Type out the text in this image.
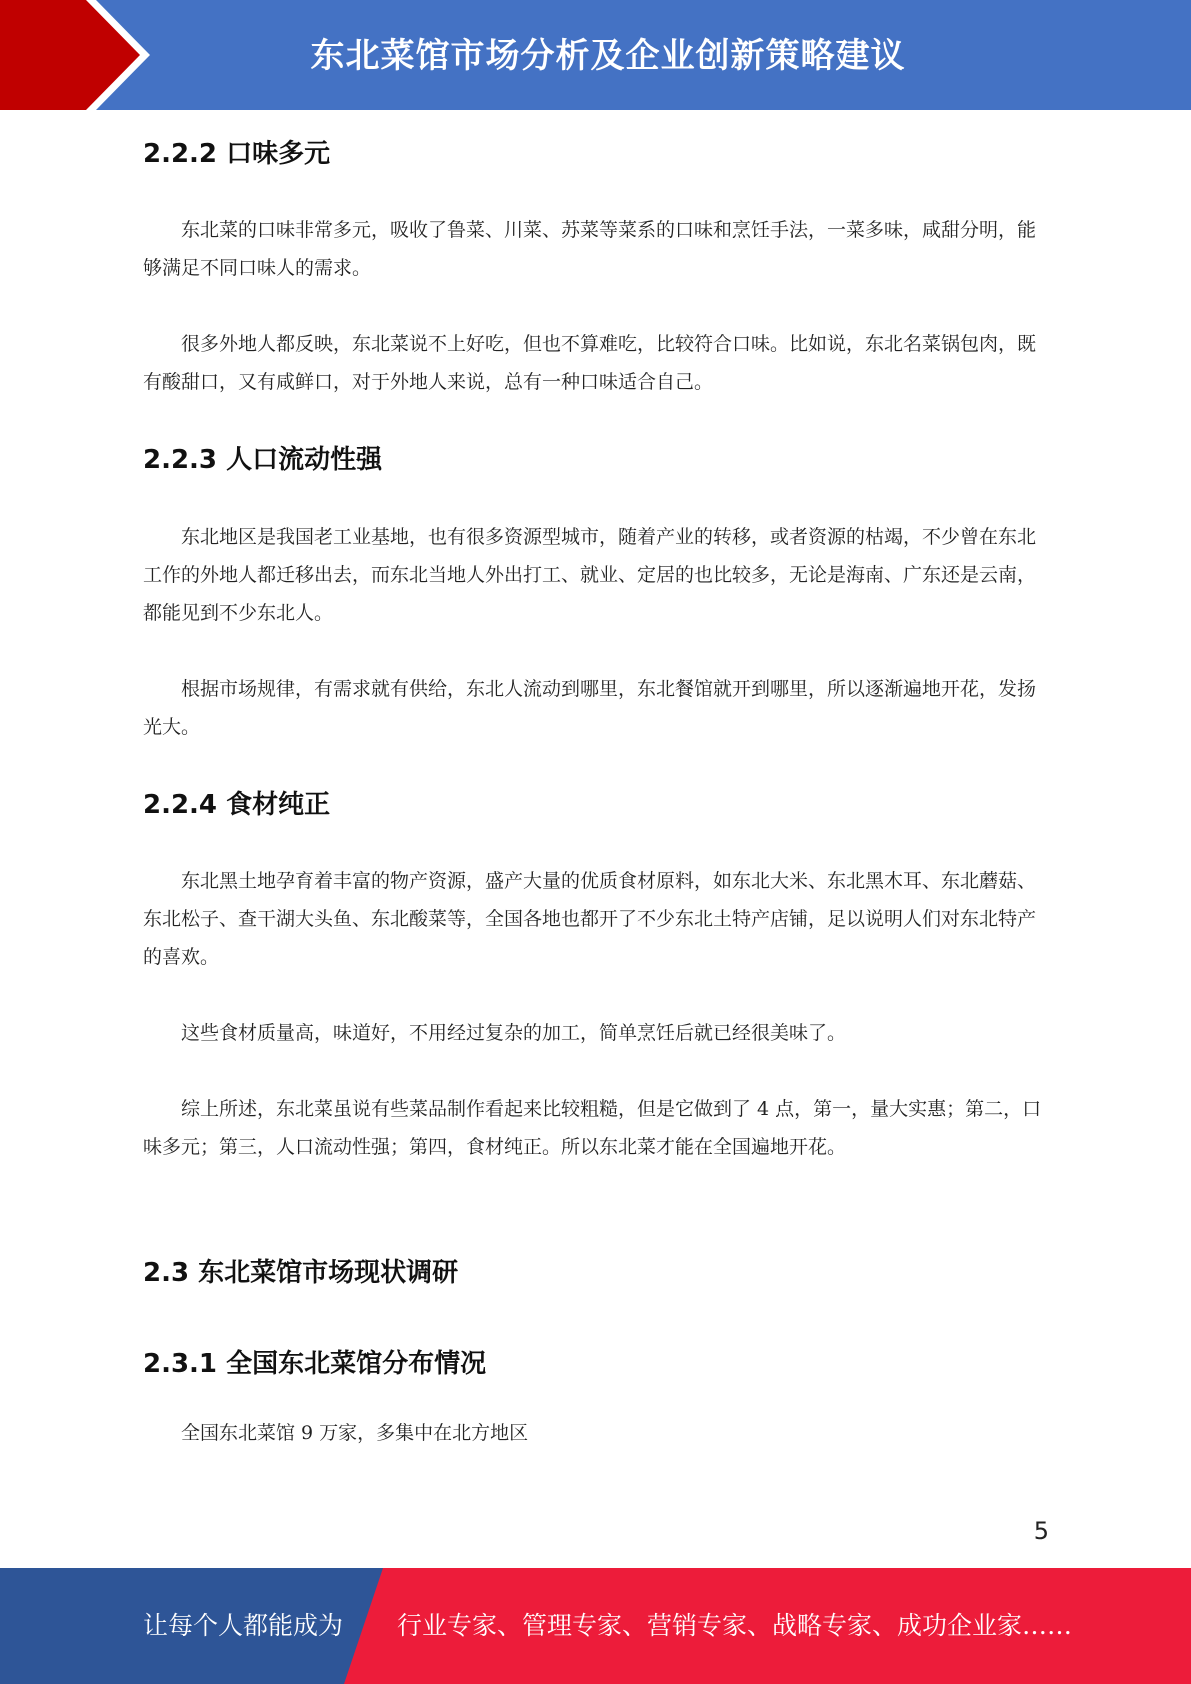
东北菜馆市场分析及企业创新策略建议
2.2.2 口味多元

东北菜的口味非常多元，吸收了鲁菜、川菜、苏菜等菜系的口味和烹饪手法，一菜多味，咸甜分明，能够满足不同口味人的需求。

很多外地人都反映，东北菜说不上好吃，但也不算难吃，比较符合口味。比如说，东北名菜锅包肉，既有酸甜口，又有咸鲜口，对于外地人来说，总有一种口味适合自己。

2.2.3 人口流动性强

东北地区是我国老工业基地，也有很多资源型城市，随着产业的转移，或者资源的枯竭，不少曾在东北工作的外地人都迁移出去，而东北当地人外出打工、就业、定居的也比较多，无论是海南、广东还是云南，都能见到不少东北人。

根据市场规律，有需求就有供给，东北人流动到哪里，东北餐馆就开到哪里，所以逐渐遍地开花，发扬光大。

2.2.4 食材纯正

东北黑土地孕育着丰富的物产资源，盛产大量的优质食材原料，如东北大米、东北黑木耳、东北蘑菇、东北松子、查干湖大头鱼、东北酸菜等，全国各地也都开了不少东北土特产店铺，足以说明人们对东北特产的喜欢。

这些食材质量高，味道好，不用经过复杂的加工，简单烹饪后就已经很美味了。

综上所述，东北菜虽说有些菜品制作看起来比较粗糙，但是它做到了 4 点，第一，量大实惠；第二，口味多元；第三，人口流动性强；第四，食材纯正。所以东北菜才能在全国遍地开花。

2.3 东北菜馆市场现状调研
2.3.1 全国东北菜馆分布情况

全国东北菜馆 9 万家，多集中在北方地区

5
让每个人都能成为 行业专家、管理专家、营销专家、战略专家、成功企业家……
